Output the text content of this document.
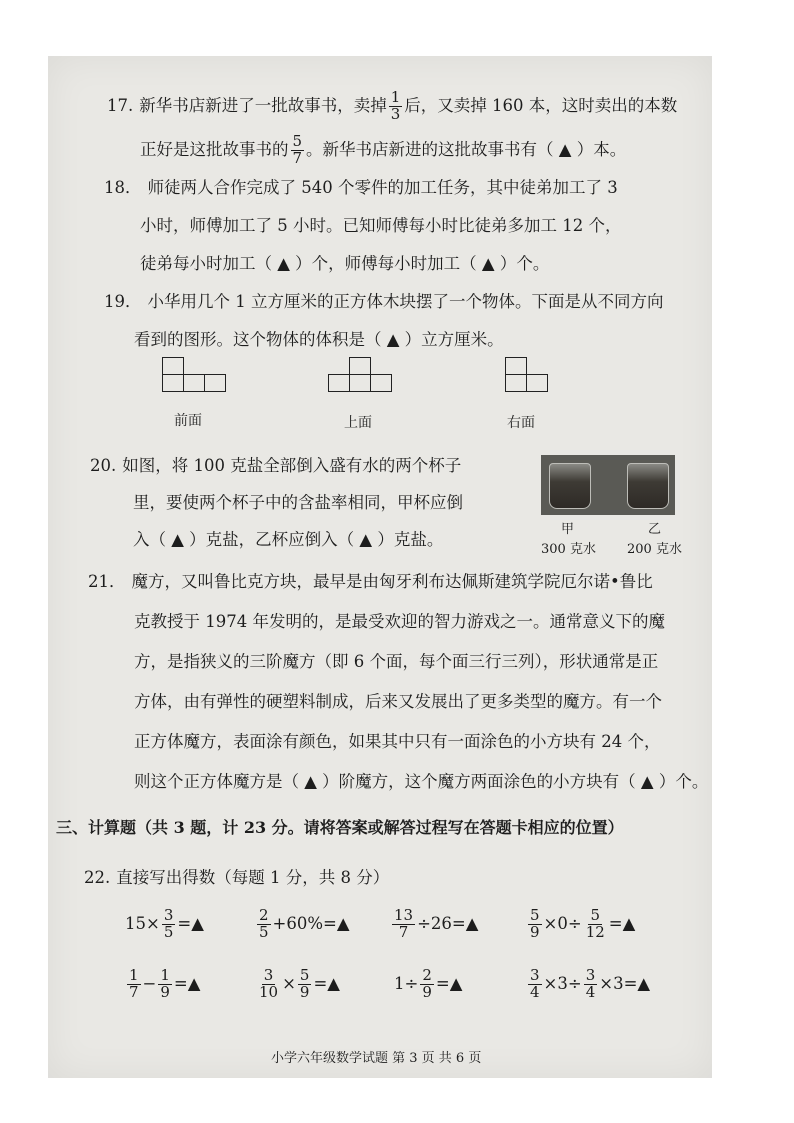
17. 新华书店新进了一批故事书，卖掉 $\frac{1}{3}$ 后，又卖掉 160 本，这时卖出的本数
正好是这批故事书的 $\frac{5}{7}$ 。新华书店新进的这批故事书有（ ▲ ）本。
18． 师徒两人合作完成了 540 个零件的加工任务，其中徒弟加工了 3
小时，师傅加工了 5 小时。已知师傅每小时比徒弟多加工 12 个，
徒弟每小时加工（ ▲ ）个，师傅每小时加工（ ▲ ）个。
19． 小华用几个 1 立方厘米的正方体木块摆了一个物体。下面是从不同方向
看到的图形。这个物体的体积是（ ▲ ）立方厘米。
前面	上面	右面
20. 如图，将 100 克盐全部倒入盛有水的两个杯子
里，要使两个杯子中的含盐率相同，甲杯应倒
入（ ▲ ）克盐，乙杯应倒入（ ▲ ）克盐。
甲	乙
300 克水 200 克水
21． 魔方，又叫鲁比克方块，最早是由匈牙利布达佩斯建筑学院厄尔诺•鲁比
克教授于 1974 年发明的，是最受欢迎的智力游戏之一。通常意义下的魔
方，是指狭义的三阶魔方（即 6 个面，每个面三行三列），形状通常是正
方体，由有弹性的硬塑料制成，后来又发展出了更多类型的魔方。有一个
正方体魔方，表面涂有颜色，如果其中只有一面涂色的小方块有 24 个，
则这个正方体魔方是（ ▲ ）阶魔方，这个魔方两面涂色的小方块有（ ▲ ）个。
三、计算题（共 3 题，计 23 分。请将答案或解答过程写在答题卡相应的位置）
22. 直接写出得数（每题 1 分，共 8 分）
$15\times \frac{3}{5}$ =▲	$\frac{2}{5}$ +60%=▲	$\frac{13}{7}$ ÷26=▲	$\frac{5}{9} \times 0\div \frac{5}{12}$ =▲
$\frac{1}{7} - \frac{1}{9}$ =▲	$\frac{3}{10} \times \frac{5}{9}$ =▲	$1\div \frac{2}{9}$ =▲	$\frac{3}{4} \times 3\div \frac{3}{4}$ ×3=▲
小学六年级数学试题 第 3 页 共 6 页
